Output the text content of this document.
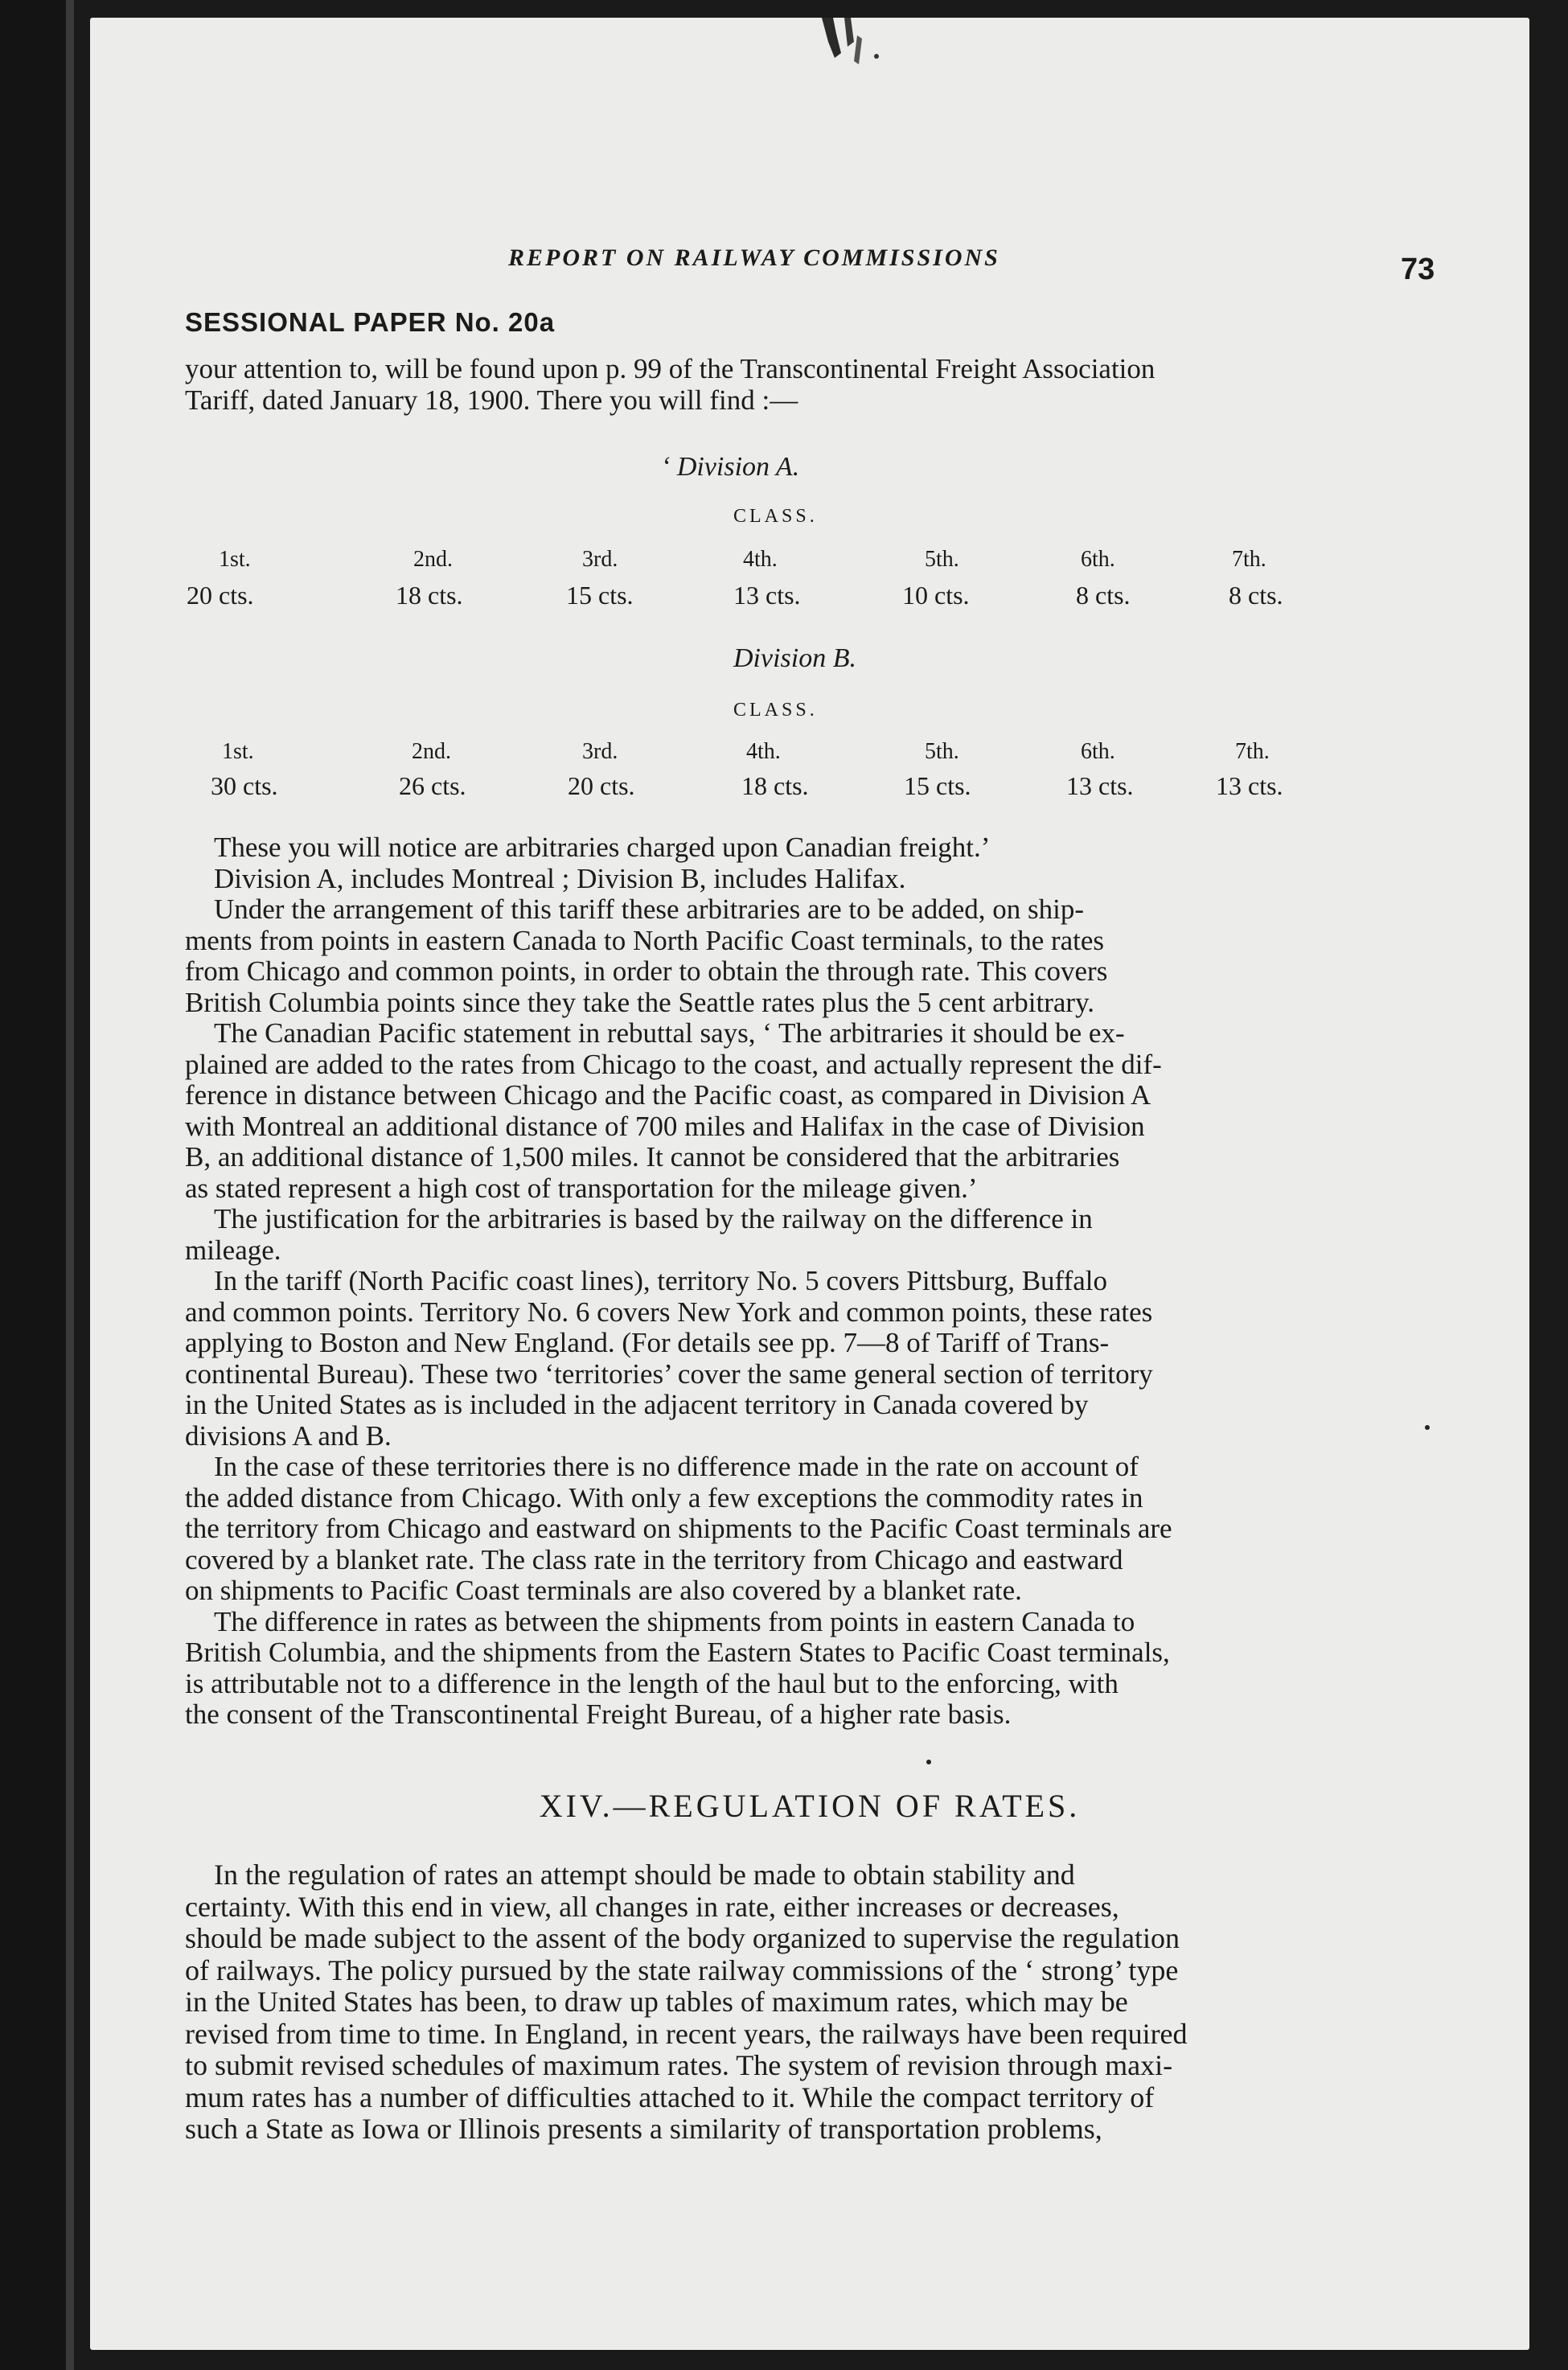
REPORT ON RAILWAY COMMISSIONS	73
SESSIONAL PAPER No. 20a
your attention to, will be found upon p. 99 of the Transcontinental Freight Association
Tariff, dated January 18, 1900. There you will find :—
‘ Division A.
CLASS.
1st.	2nd.	3rd.	4th.	5th.	6th.	7th.
20 cts.	18 cts.	15 cts.	13 cts.	10 cts.	8 cts.	8 cts.
Division B.
CLASS.
1st.	2nd.	3rd.	4th.	5th.	6th.	7th.
30 cts.	26 cts.	20 cts.	18 cts.	15 cts.	13 cts.	13 cts.
These you will notice are arbitraries charged upon Canadian freight.’
Division A, includes Montreal ; Division B, includes Halifax.
Under the arrangement of this tariff these arbitraries are to be added, on ship-
ments from points in eastern Canada to North Pacific Coast terminals, to the rates
from Chicago and common points, in order to obtain the through rate. This covers
British Columbia points since they take the Seattle rates plus the 5 cent arbitrary.
The Canadian Pacific statement in rebuttal says, ‘ The arbitraries it should be ex-
plained are added to the rates from Chicago to the coast, and actually represent the dif-
ference in distance between Chicago and the Pacific coast, as compared in Division A
with Montreal an additional distance of 700 miles and Halifax in the case of Division
B, an additional distance of 1,500 miles. It cannot be considered that the arbitraries
as stated represent a high cost of transportation for the mileage given.’
The justification for the arbitraries is based by the railway on the difference in
mileage.
In the tariff (North Pacific coast lines), territory No. 5 covers Pittsburg, Buffalo
and common points. Territory No. 6 covers New York and common points, these rates
applying to Boston and New England. (For details see pp. 7—8 of Tariff of Trans-
continental Bureau). These two ‘territories’ cover the same general section of territory
in the United States as is included in the adjacent territory in Canada covered by
divisions A and B.
In the case of these territories there is no difference made in the rate on account of
the added distance from Chicago. With only a few exceptions the commodity rates in
the territory from Chicago and eastward on shipments to the Pacific Coast terminals are
covered by a blanket rate. The class rate in the territory from Chicago and eastward
on shipments to Pacific Coast terminals are also covered by a blanket rate.
The difference in rates as between the shipments from points in eastern Canada to
British Columbia, and the shipments from the Eastern States to Pacific Coast terminals,
is attributable not to a difference in the length of the haul but to the enforcing, with
the consent of the Transcontinental Freight Bureau, of a higher rate basis.
XIV.—REGULATION OF RATES.
In the regulation of rates an attempt should be made to obtain stability and
certainty. With this end in view, all changes in rate, either increases or decreases,
should be made subject to the assent of the body organized to supervise the regulation
of railways. The policy pursued by the state railway commissions of the ‘ strong’ type
in the United States has been, to draw up tables of maximum rates, which may be
revised from time to time. In England, in recent years, the railways have been required
to submit revised schedules of maximum rates. The system of revision through maxi-
mum rates has a number of difficulties attached to it. While the compact territory of
such a State as Iowa or Illinois presents a similarity of transportation problems,
